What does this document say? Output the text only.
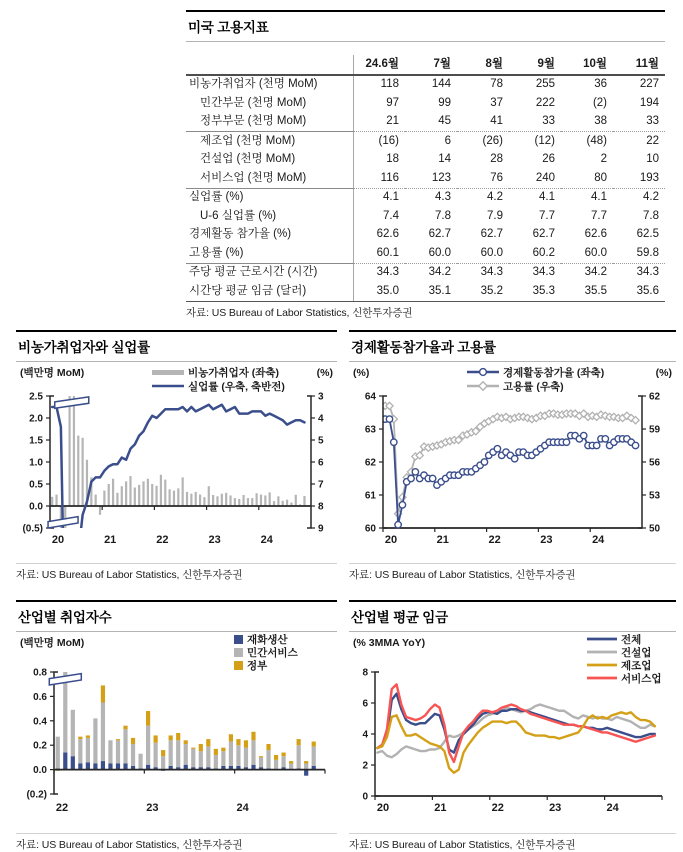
미국 고용지표
	24.6월	7월	8월	9월	10월	11월
비농가취업자 (천명 MoM)	118	144	78	255	36	227
민간부문 (천명 MoM)	97	99	37	222	(2)	194
정부부문 (천명 MoM)	21	45	41	33	38	33
제조업 (천명 MoM)	(16)	6	(26)	(12)	(48)	22
건설업 (천명 MoM)	18	14	28	26	2	10
서비스업 (천명 MoM)	116	123	76	240	80	193
실업률 (%)	4.1	4.3	4.2	4.1	4.1	4.2
U-6 실업률 (%)	7.4	7.8	7.9	7.7	7.7	7.8
경제활동 참가율 (%)	62.6	62.7	62.7	62.7	62.6	62.5
고용률 (%)	60.1	60.0	60.0	60.2	60.0	59.8
주당 평균 근로시간 (시간)	34.3	34.2	34.3	34.3	34.2	34.3
시간당 평균 임금 (달러)	35.0	35.1	35.2	35.3	35.5	35.6
자료: US Bureau of Labor Statistics, 신한투자증권
비농가취업자와 실업률
(백만명 MoM)	(%)
비농가취업자 (좌축)
실업률 (우축, 축반전)
20	21	22	23	24
2.5
2.0
1.5
1.0
0.5
0.0
(0.5)
3
4
5
6
7
8
9
자료: US Bureau of Labor Statistics, 신한투자증권
경제활동참가율과 고용률
(%)	(%)
경제활동참가율 (좌축)
고용률 (우축)
20	21	22	23	24
60
61
62
63
64
50
53
56
59
62
자료: US Bureau of Labor Statistics, 신한투자증권
산업별 취업자수
(백만명 MoM)	재화생산
민간서비스
정부
22	23	24
0.8
0.6
0.4
0.2
0.0
(0.2)
자료: US Bureau of Labor Statistics, 신한투자증권
산업별 평균 임금
(% 3MMA YoY)	전체
건설업
제조업
서비스업
20	21	22	23	24
0
2
4
6
8
자료: US Bureau of Labor Statistics, 신한투자증권
